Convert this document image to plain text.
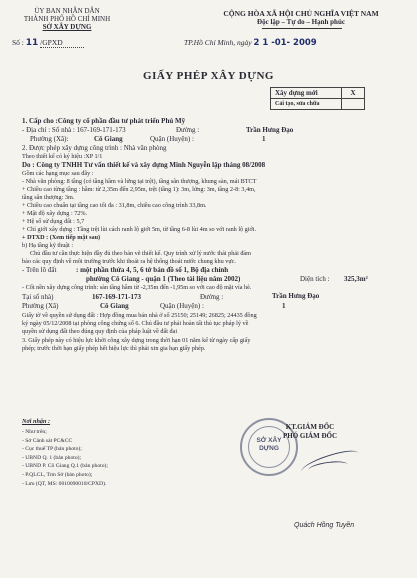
ỦY BAN NHÂN DÂN
THÀNH PHỐ HỒ CHÍ MINH
SỞ XÂY DỰNG
Số : 11 /GPXD
CỘNG HÒA XÃ HỘI CHỦ NGHĨA VIỆT NAM
Độc lập – Tự do – Hạnh phúc
TP.Hồ Chí Minh, ngày 2 1 -01- 2009
GIẤY PHÉP XÂY DỰNG
Xây dựng mới	X
Cải tạo, sửa chữa	
1. Cấp cho :Công ty cổ phần đầu tư phát triển Phú Mỹ
- Địa chỉ : Số nhà : 167-169-171-173	Đường :	Trần Hưng Đạo
Phường (Xã):	Cô Giang	Quận (Huyện) :	1
2. Được phép xây dựng công trình : Nhà văn phòng
Theo thiết kế có ký hiệu :XP 1/1
Do : Công ty TNHH Tư vấn thiết kế và xây dựng Minh Nguyễn lập tháng 08/2008
Gồm các hạng mục sau đây :
- Nhà văn phòng: 8 tầng (có tầng hầm và lửng tại trệt), tầng sân thượng, khung sàn, mái BTCT
+ Chiều cao từng tầng : hầm: từ 2,35m đến 2,95m, trệt (tầng 1): 3m, lửng: 3m, tầng 2-8: 3,4m,
tầng sân thượng: 3m.
+ Chiều cao chuẩn tại tầng cao tối đa : 31,8m, chiều cao công trình 33,8m.
+ Mật độ xây dựng : 72%.
+ Hệ số sử dụng đất : 5,7
+ Chỉ giới xây dựng : Tầng trệt lùi cách ranh lộ giới 5m, từ tầng 6-8 lùi 4m so với ranh lộ giới.
+ DTXD : (Xem tiếp mặt sau)
b) Hạ tầng kỹ thuật :
Chủ đầu tư cần thực hiện đầy đủ theo bản vẽ thiết kế. Quy trình xử lý nước thải phải đảm
bảo các quy định về môi trường trước khi thoát ra hệ thống thoát nước chung khu vực.
- Trên lô đất	: một phần thửa 4, 5, 6 tờ bản đồ số 1, Bộ địa chính
phường Cô Giang - quận 1 (Theo tài liệu năm 2002)	Diện tích : 325,3m²
- Cốt nền xây dựng công trình: sàn tầng hầm từ -2,35m đến -1,95m so với cao độ mặt vỉa hè.
Tại số nhà)	167-169-171-173	Đường :	Trần Hưng Đạo
Phường (Xã)	Cô Giang	Quận (Huyện) :	1
Giấy tờ về quyền sử dụng đất : Hợp đồng mua bán nhà ở số 25150; 25149; 26825; 24435 đồng
ký ngày 05/12/2008 tại phòng công chứng số 6. Chủ đầu tư phải hoàn tất thủ tục pháp lý về
quyền sử dụng đất theo đúng quy định của pháp luật về đất đai
3. Giấy phép này có hiệu lực khởi công xây dựng trong thời hạn 01 năm kể từ ngày cấp giấy
phép; trước thời hạn giấy phép hết hiệu lực thì phải xin gia hạn giấy phép.
Nơi nhận :
- Như trên;
- Sở Cảnh sát PC&CC
- Cục thuế TP (bản photo);
- UBND Q. 1 (bản photo);
- UBND P. Cô Giang Q.1 (bản photo);
- P.QLCL, Trm Sở (bản photo);
- Lưu (QT, MS: 0010090018/CPXD).
SỞ XÂY DỰNG
KT.GIÁM ĐỐC
PHÓ GIÁM ĐỐC
Quách Hồng Tuyền
